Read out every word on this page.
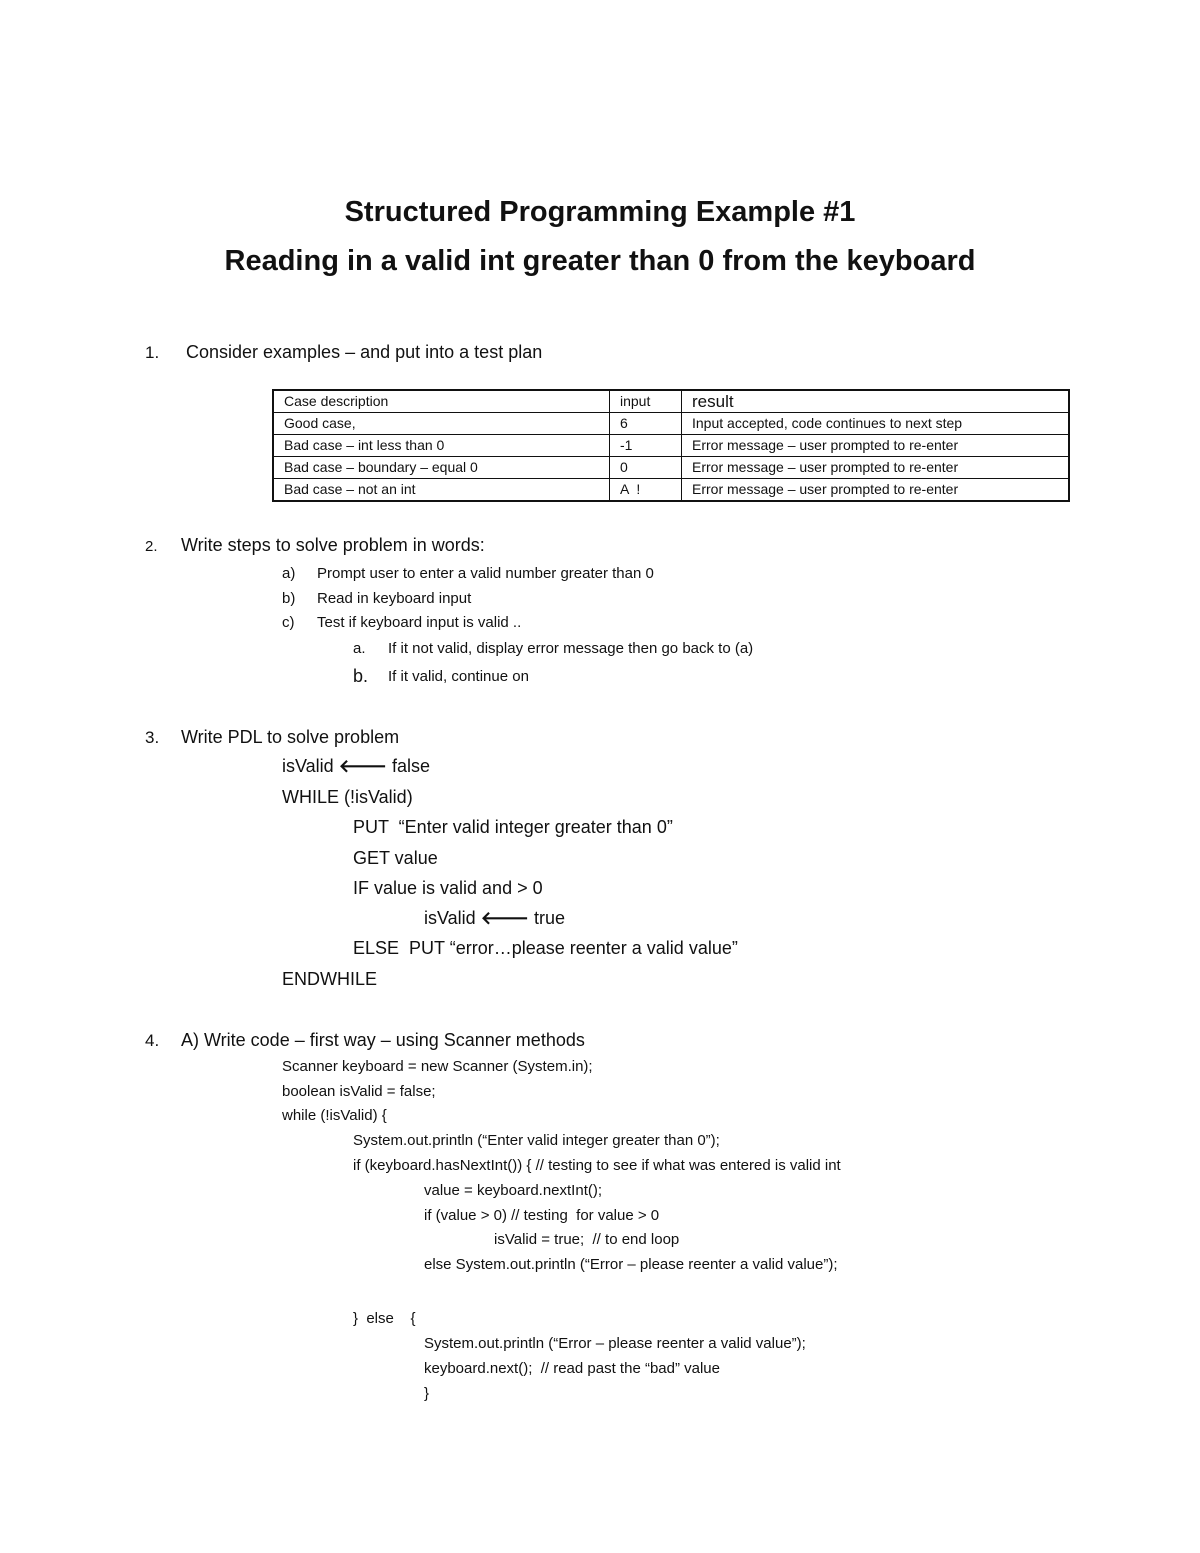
Structured Programming Example #1
Reading in a valid int greater than 0 from the keyboard
1. Consider examples – and put into a test plan
Case description	input	result
Good case,	6	Input accepted, code continues to next step
Bad case – int less than 0	-1	Error message – user prompted to re-enter
Bad case – boundary – equal 0	0	Error message – user prompted to re-enter
Bad case – not an int	A  !	Error message – user prompted to re-enter
2. Write steps to solve problem in words:
a) Prompt user to enter a valid number greater than 0
b) Read in keyboard input
c) Test if keyboard input is valid ..
a. If it not valid, display error message then go back to (a)
b. If it valid, continue on
3. Write PDL to solve problem
isValid 🡐 false
WHILE (!isValid)
PUT  “Enter valid integer greater than 0”
GET value
IF value is valid and > 0
isValid 🡐 true
ELSE  PUT “error…please reenter a valid value”
ENDWHILE
4. A) Write code – first way – using Scanner methods
Scanner keyboard = new Scanner (System.in);
boolean isValid = false;
while (!isValid) {
System.out.println (“Enter valid integer greater than 0”);
if (keyboard.hasNextInt()) { // testing to see if what was entered is valid int
value = keyboard.nextInt();
if (value > 0) // testing  for value > 0
isValid = true;  // to end loop
else System.out.println (“Error – please reenter a valid value”);
}  else    {
System.out.println (“Error – please reenter a valid value”);
keyboard.next();  // read past the “bad” value
}
